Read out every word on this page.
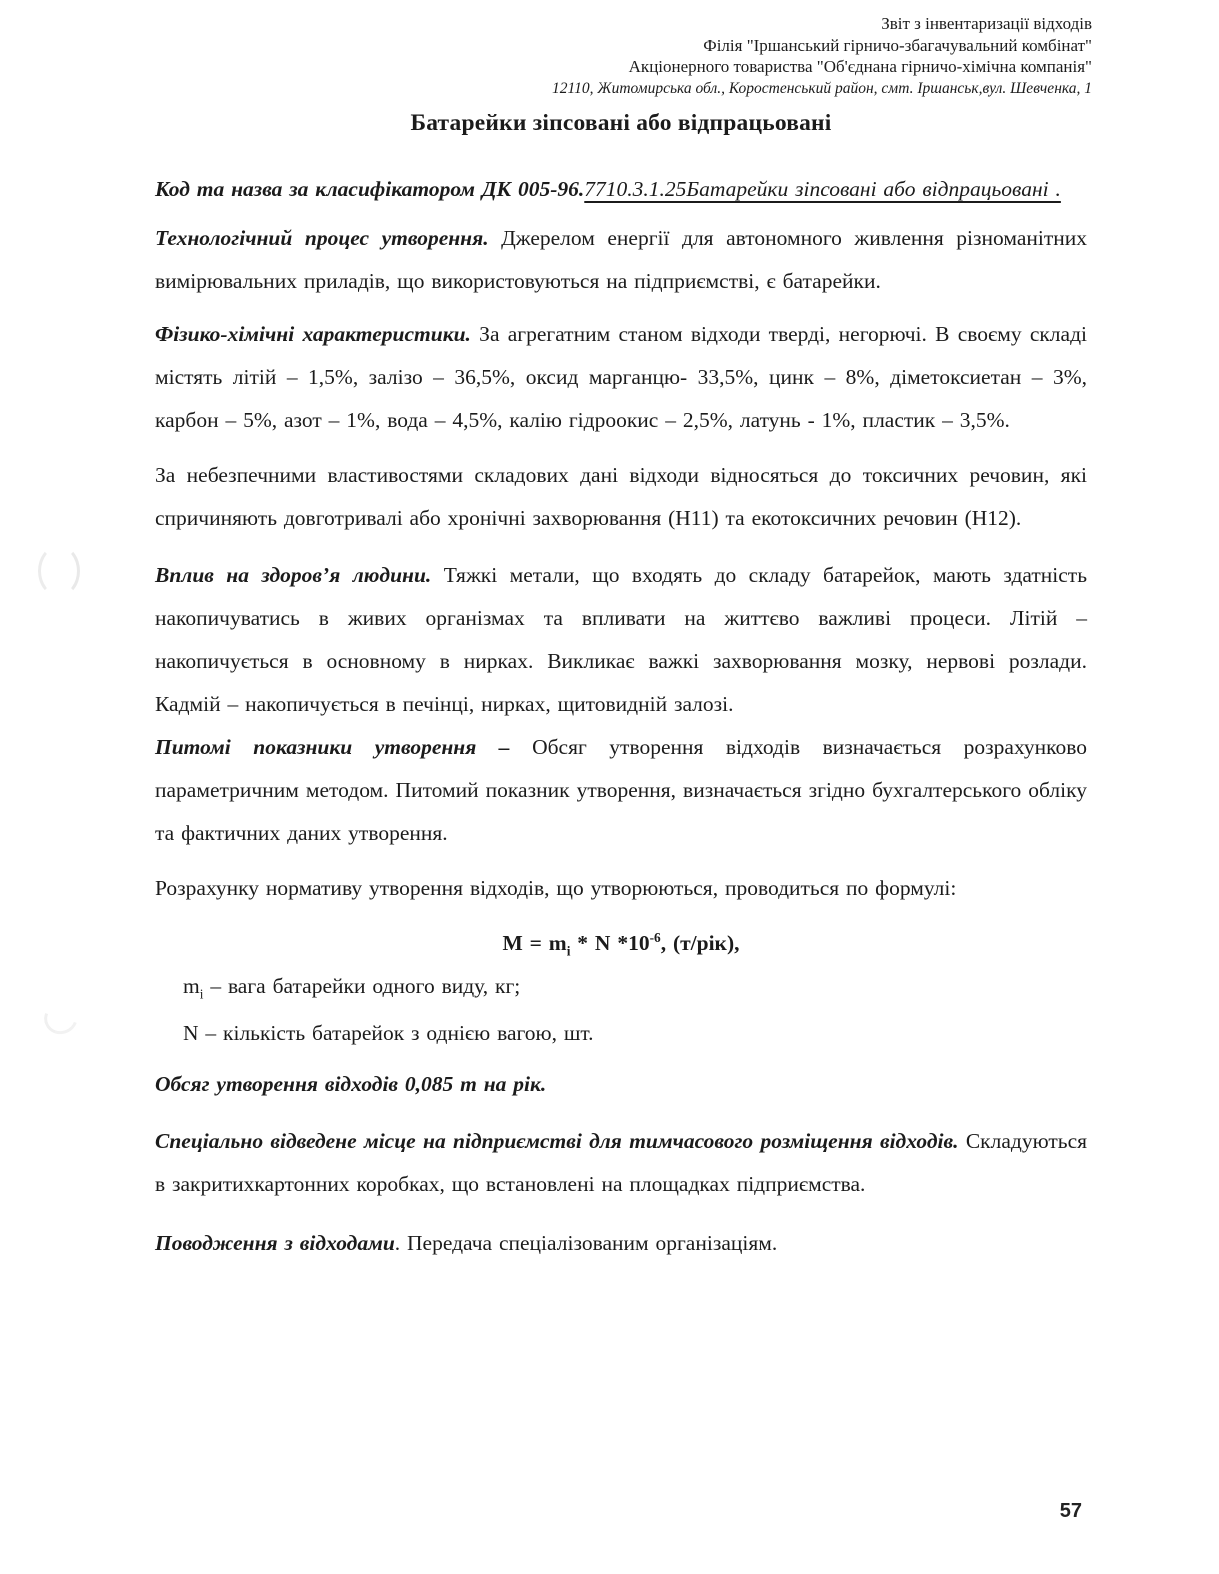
Звіт з інвентаризації відходів
Філія "Іршанський гірничо-збагачувальний комбінат"
Акціонерного товариства "Об'єднана гірничо-хімічна компанія"
12110, Житомирська обл., Коростенський район, смт. Іршанськ,вул. Шевченка, 1
Батарейки зіпсовані або відпрацьовані

Код та назва за класифікатором ДК 005-96.7710.3.1.25Батарейки зіпсовані або відпрацьовані .

Технологічний процес утворення. Джерелом енергії для автономного живлення різноманітних вимірювальних приладів, що використовуються на підприємстві, є батарейки.

Фізико-хімічні характеристики. За агрегатним станом відходи тверді, негорючі. В своєму складі містять літій – 1,5%, залізо – 36,5%, оксид марганцю- 33,5%, цинк – 8%, діметоксиетан – 3%, карбон – 5%, азот – 1%, вода – 4,5%, калію гідроокис – 2,5%, латунь - 1%, пластик – 3,5%.

За небезпечними властивостями складових дані відходи відносяться до токсичних речовин, які спричиняють довготривалі або хронічні захворювання (Н11) та екотоксичних речовин (Н12).

Вплив на здоров’я людини. Тяжкі метали, що входять до складу батарейок, мають здатність накопичуватись в живих організмах та впливати на життєво важливі процеси. Літій – накопичується в основному в нирках. Викликає важкі захворювання мозку, нервові розлади. Кадмій – накопичується в печінці, нирках, щитовидній залозі.

Питомі показники утворення – Обсяг утворення відходів визначається розрахунково параметричним методом. Питомий показник утворення, визначається згідно бухгалтерського обліку та фактичних даних утворення.

Розрахунку нормативу утворення відходів, що утворюються, проводиться по формулі:

$М = m_i * N$ $*10^{-6}$, (т/рік),

$m_i$ – вага батарейки одного виду, кг;

N – кількість батарейок з однією вагою, шт.

Обсяг утворення відходів 0,085 т на рік.

Спеціально відведене місце на підприємстві для тимчасового розміщення відходів. Складуються в закритихкартонних коробках, що встановлені на площадках підприємства.

Поводження з відходами. Передача спеціалізованим організаціям.

57
